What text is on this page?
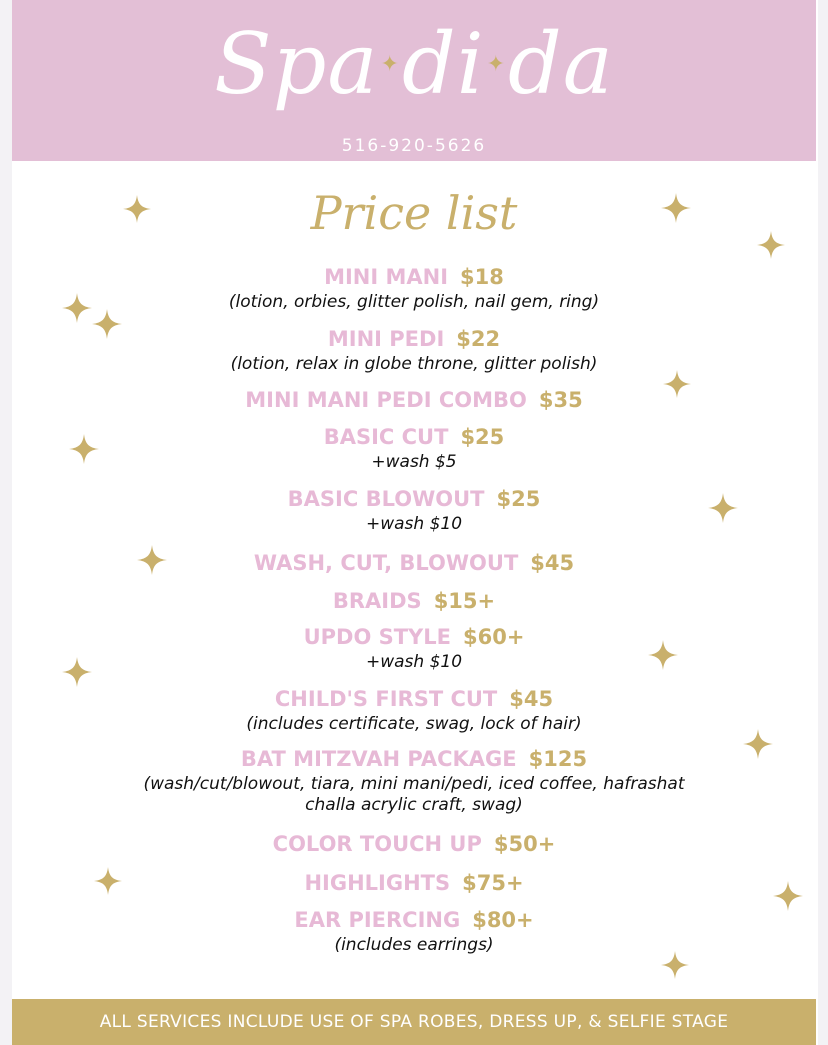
Spa✦di✦da
516-920-5626
Price list
MINI MANI $18
(lotion, orbies, glitter polish, nail gem, ring)
MINI PEDI $22
(lotion, relax in globe throne, glitter polish)
MINI MANI PEDI COMBO $35
BASIC CUT $25
+wash $5
BASIC BLOWOUT $25
+wash $10
WASH, CUT, BLOWOUT $45
BRAIDS $15+
UPDO STYLE $60+
+wash $10
CHILD'S FIRST CUT $45
(includes certificate, swag, lock of hair)
BAT MITZVAH PACKAGE $125
(wash/cut/blowout, tiara, mini mani/pedi, iced coffee, hafrashat
challa acrylic craft, swag)
COLOR TOUCH UP $50+
HIGHLIGHTS $75+
EAR PIERCING $80+
(includes earrings)
ALL SERVICES INCLUDE USE OF SPA ROBES, DRESS UP, & SELFIE STAGE
